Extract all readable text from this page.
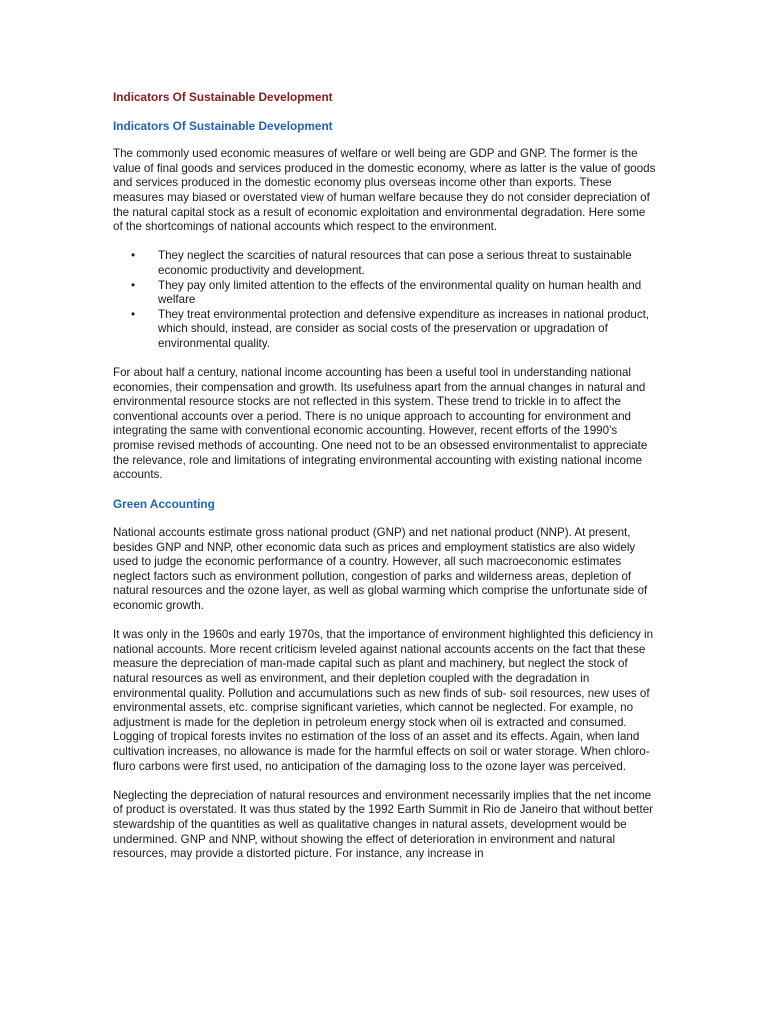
Indicators Of Sustainable Development
Indicators Of Sustainable Development

The commonly used economic measures of welfare or well being are GDP and GNP. The former is the value of final goods and services produced in the domestic economy, where as latter is the value of goods and services produced in the domestic economy plus overseas income other than exports. These measures may biased or overstated view of human welfare because they do not consider depreciation of the natural capital stock as a result of economic exploitation and environmental degradation. Here some of the shortcomings of national accounts which respect to the environment.

• They neglect the scarcities of natural resources that can pose a serious threat to sustainable economic productivity and development.
• They pay only limited attention to the effects of the environmental quality on human health and welfare
• They treat environmental protection and defensive expenditure as increases in national product, which should, instead, are consider as social costs of the preservation or upgradation of environmental quality.

For about half a century, national income accounting has been a useful tool in understanding national economies, their compensation and growth. Its usefulness apart from the annual changes in natural and environmental resource stocks are not reflected in this system. These trend to trickle in to affect the conventional accounts over a period. There is no unique approach to accounting for environment and integrating the same with conventional economic accounting. However, recent efforts of the 1990’s promise revised methods of accounting. One need not to be an obsessed environmentalist to appreciate the relevance, role and limitations of integrating environmental accounting with existing national income accounts.

Green Accounting

National accounts estimate gross national product (GNP) and net national product (NNP). At present, besides GNP and NNP, other economic data such as prices and employment statistics are also widely used to judge the economic performance of a country. However, all such macroeconomic estimates neglect factors such as environment pollution, congestion of parks and wilderness areas, depletion of natural resources and the ozone layer, as well as global warming which comprise the unfortunate side of economic growth.

It was only in the 1960s and early 1970s, that the importance of environment highlighted this deficiency in national accounts. More recent criticism leveled against national accounts accents on the fact that these measure the depreciation of man-made capital such as plant and machinery, but neglect the stock of natural resources as well as environment, and their depletion coupled with the degradation in environmental quality. Pollution and accumulations such as new finds of sub- soil resources, new uses of environmental assets, etc. comprise significant varieties, which cannot be neglected. For example, no adjustment is made for the depletion in petroleum energy stock when oil is extracted and consumed. Logging of tropical forests invites no estimation of the loss of an asset and its effects. Again, when land cultivation increases, no allowance is made for the harmful effects on soil or water storage. When chloro-fluro carbons were first used, no anticipation of the damaging loss to the ozone layer was perceived.

Neglecting the depreciation of natural resources and environment necessarily implies that the net income of product is overstated. It was thus stated by the 1992 Earth Summit in Rio de Janeiro that without better stewardship of the quantities as well as qualitative changes in natural assets, development would be undermined. GNP and NNP, without showing the effect of deterioration in environment and natural resources, may provide a distorted picture. For instance, any increase in
